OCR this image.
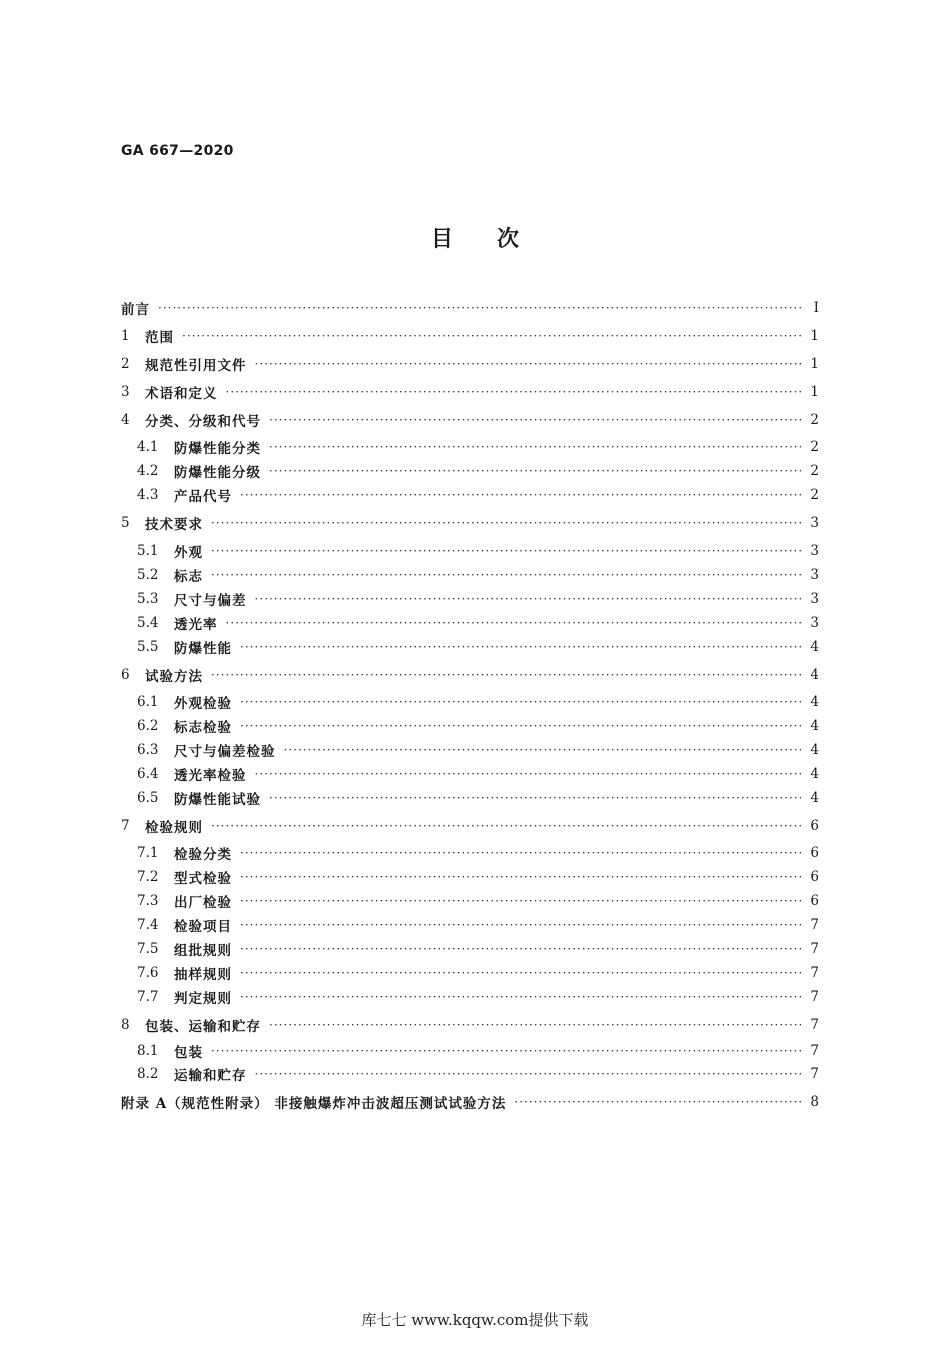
GA 667—2020
目次
前言 ·····	I
1	范围 ·····	1
2	规范性引用文件 ·····	1
3	术语和定义 ·····	1
4	分类、分级和代号 ·····	2
4.1	防爆性能分类 ·····	2
4.2	防爆性能分级 ·····	2
4.3	产品代号 ·····	2
5	技术要求 ·····	3
5.1	外观 ·····	3
5.2	标志 ·····	3
5.3	尺寸与偏差 ·····	3
5.4	透光率 ·····	3
5.5	防爆性能 ·····	4
6	试验方法 ·····	4
6.1	外观检验 ·····	4
6.2	标志检验 ·····	4
6.3	尺寸与偏差检验 ·····	4
6.4	透光率检验 ·····	4
6.5	防爆性能试验 ·····	4
7	检验规则 ·····	6
7.1	检验分类 ·····	6
7.2	型式检验 ·····	6
7.3	出厂检验 ·····	6
7.4	检验项目 ·····	7
7.5	组批规则 ·····	7
7.6	抽样规则 ·····	7
7.7	判定规则 ·····	7
8	包装、运输和贮存 ·····	7
8.1	包装 ·····	7
8.2	运输和贮存 ·····	7
附录 A（规范性附录） 非接触爆炸冲击波超压测试试验方法 ·····	8
库七七 www.kqqw.com提供下载
